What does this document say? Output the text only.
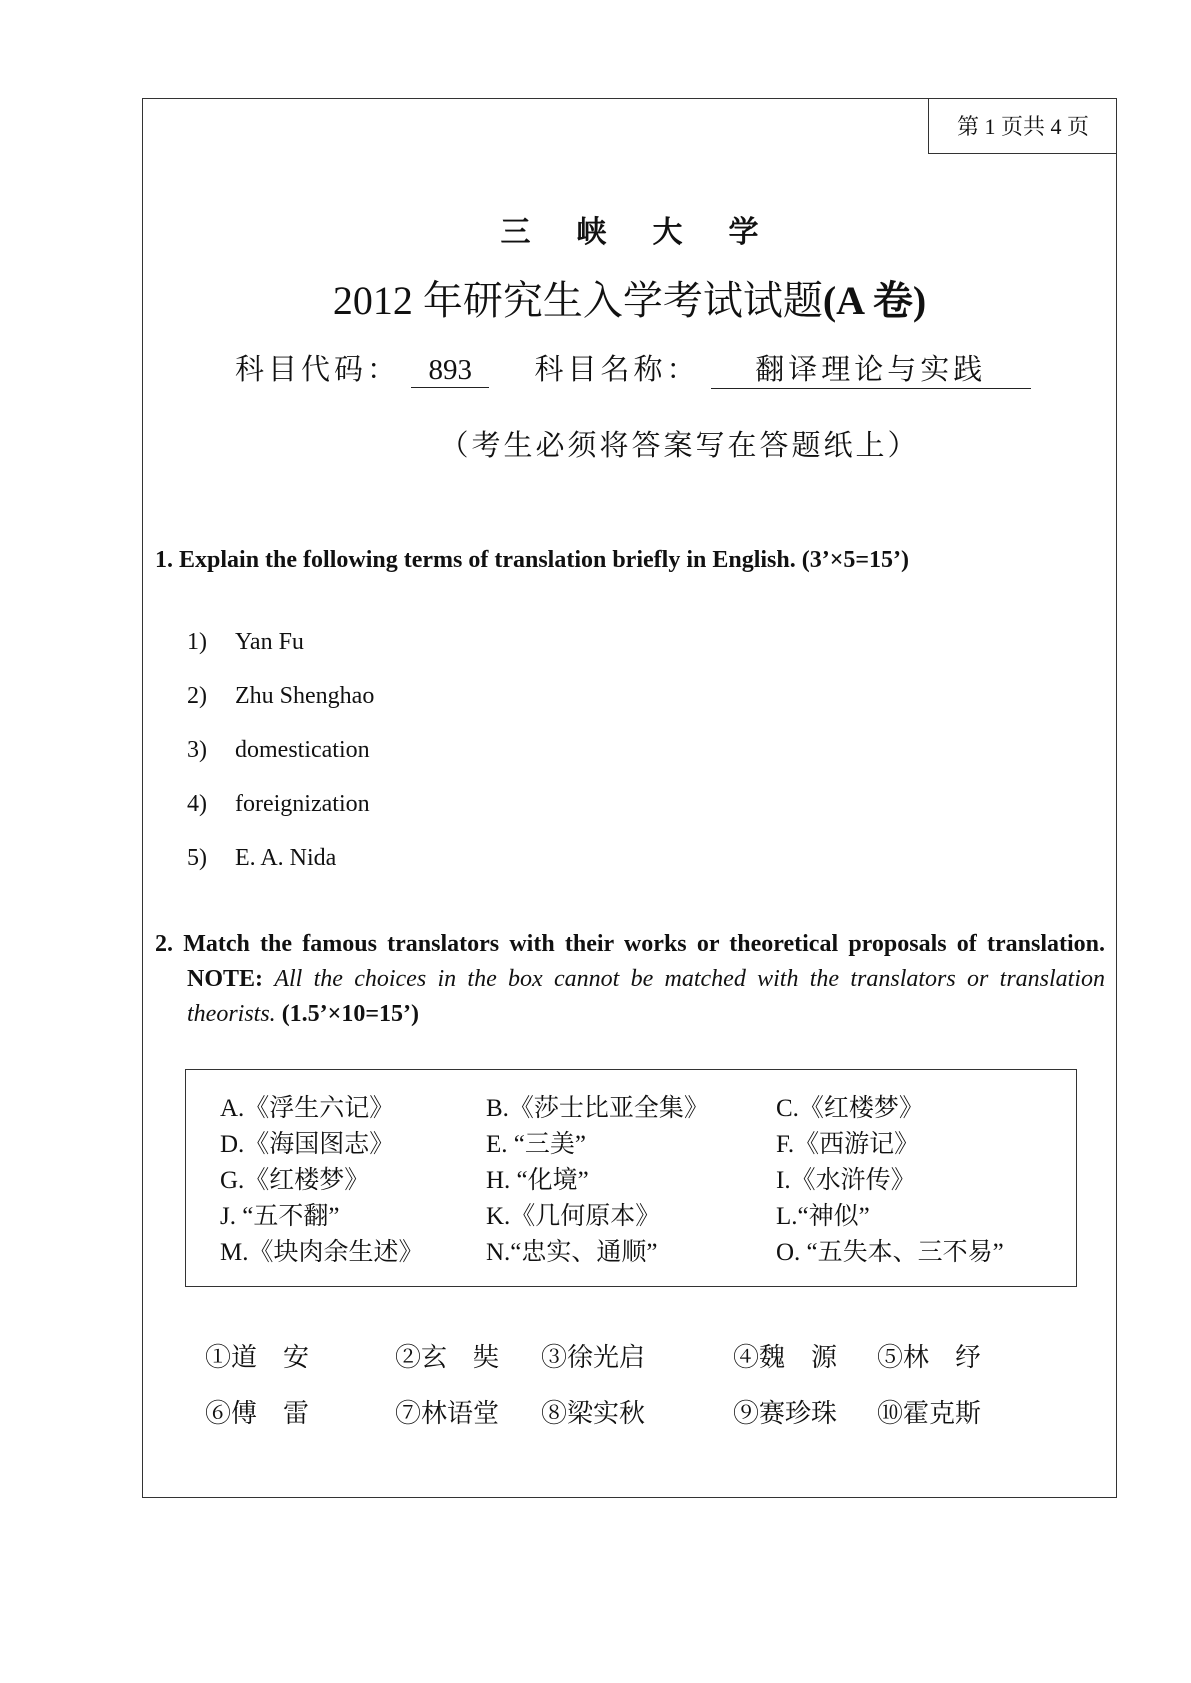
第 1 页共 4 页
三峡大学
2012 年研究生入学考试试题(A 卷)
科目代码： 893 科目名称： 翻译理论与实践
（考生必须将答案写在答题纸上）
1. Explain the following terms of translation briefly in English. (3’×5=15’)
1)	Yan Fu
2)	Zhu Shenghao
3)	domestication
4)	foreignization
5)	E. A. Nida
2. Match the famous translators with their works or theoretical proposals of translation. NOTE: All the choices in the box cannot be matched with the translators or translation theorists. (1.5’×10=15’)
A.《浮生六记》	B.《莎士比亚全集》	C.《红楼梦》
D.《海国图志》	E. “三美”	F.《西游记》
G.《红楼梦》	H. “化境”	I.《水浒传》
J. “五不翻”	K.《几何原本》	L.“神似”
M.《块肉余生述》	N.“忠实、通顺”	O. “五失本、三不易”
①道　安	②玄　奘 ③徐光启	④魏　源 ⑤林　纾
⑥傅　雷	⑦林语堂 ⑧梁实秋	⑨赛珍珠 ⑩霍克斯
